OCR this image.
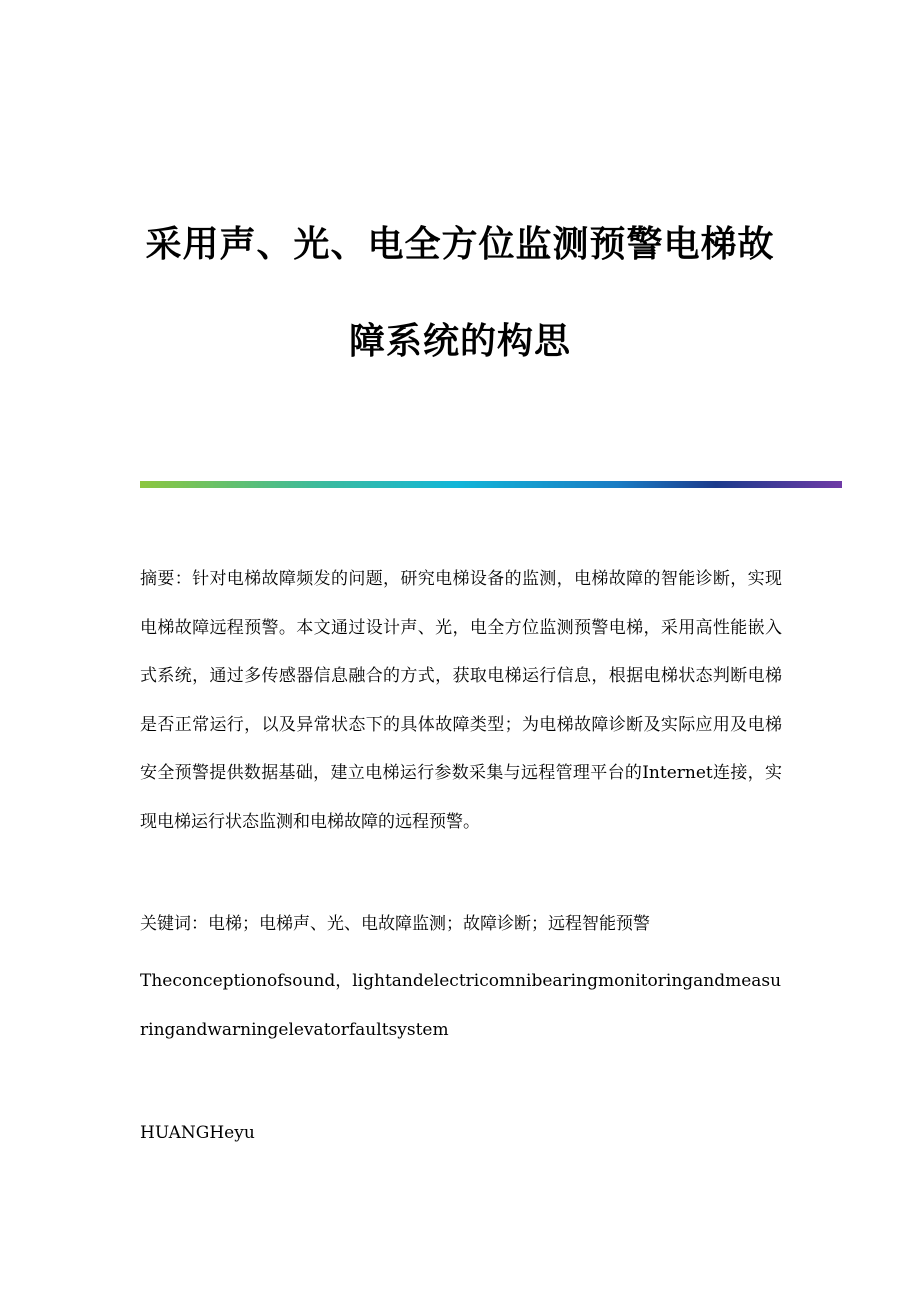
采用声、光、电全方位监测预警电梯故
障系统的构思

摘要：针对电梯故障频发的问题，研究电梯设备的监测，电梯故障的智能诊断，实现电梯故障远程预警。本文通过设计声、光，电全方位监测预警电梯，采用高性能嵌入式系统，通过多传感器信息融合的方式，获取电梯运行信息，根据电梯状态判断电梯是否正常运行，以及异常状态下的具体故障类型；为电梯故障诊断及实际应用及电梯安全预警提供数据基础，建立电梯运行参数采集与远程管理平台的Internet连接，实现电梯运行状态监测和电梯故障的远程预警。

关键词：电梯；电梯声、光、电故障监测；故障诊断；远程智能预警

Theconceptionofsound，lightandelectricomnibearingmonitoringandmeasuringandwarningelevatorfaultsystem

HUANGHeyu
